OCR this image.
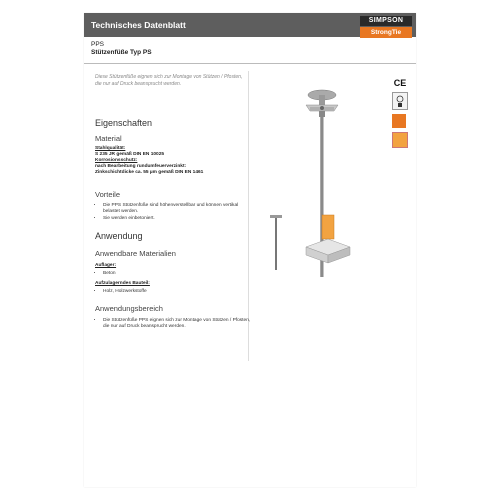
Technisches Datenblatt	SIMPSON
StrongTie
PPS
Stützenfüße Typ PS
Diese Stützenfüße eignen sich zur Montage von Stützen / Pfosten, die nur auf Druck beansprucht werden.
Eigenschaften
Material
Stahlqualität:
S 235 JR gemäß DIN EN 10025
Korrosionsschutz:
nach Bearbeitung rundumfeuerverzinkt:
Zinkschichtdicke ca. 55 µm gemäß DIN EN 1461
Vorteile
• Die PPS Stützenfüße sind höhenverstellbar und können vertikal belastet werden.
• Sie werden einbetoniert.
Anwendung
Anwendbare Materialien
Auflager:
• Beton
Aufzulagerndes Bauteil:
• Holz, Holzwerkstoffe
Anwendungsbereich
• Die Stützenfüße PPS eignen sich zur Montage von Stützen / Pfosten, die nur auf Druck beansprucht werden.
CE
